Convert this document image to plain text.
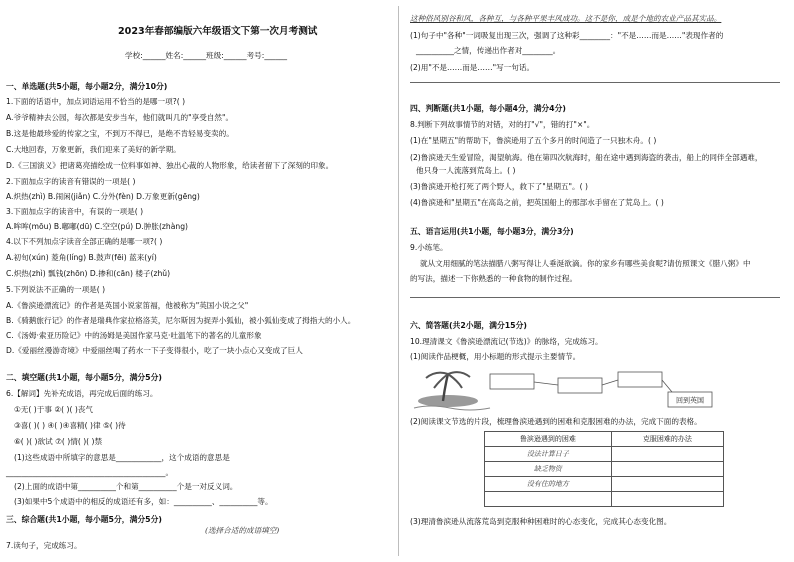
2023年春部编版六年级语文下第一次月考测试
学校:______姓名:______班级:______考号:______
一、单选题(共5小题，每小题2分，满分10分)
1.下面的话语中，加点词语运用不恰当的是哪一项?( )
A.爷爷精神去公园，每次都是安步当车，他们就叫几的"享受自然"。
B.这是他最珍爱的传家之宝，不到万不得已，是绝不肯轻易变卖的。
C.大地回春，万象更新，我们迎来了美好的新学期。
D.《三国演义》把诸葛亮描绘成一位料事如神、独出心裁的人物形象，给读者留下了深刻的印象。
2.下面加点字的读音有错误的一项是( )
A.炽热(zhì) B.闹闲(jiǎn) C.分外(fèn) D.万象更新(gēng)
3.下面加点字的读音中，有误的一项是( )
A.哞哞(mōu) B.嘟嘟(dū) C.空空(pú) D.肿胀(zhàng)
4.以下不列加点字读音全部正确的是哪一项?( )
A.初旬(xún) 菱角(líng) B.鼓声(fēi) 蓝来(yí)
C.炽热(zhì) 瓢钱(zhōn) D.掺和(cān) 楼子(zhǔ)
5.下列说法不正确的一项是( )
A.《鲁滨逊漂流记》的作者是英国小说家笛福，他被称为"英国小说之父"
B.《骑鹅旅行记》的作者是瑞典作家拉格洛芙，尼尔斯因为捉弄小狐仙，被小狐仙变成了拇指大的小人。
C.《汤姆·索亚历险记》中的汤姆是美国作家马克·吐温笔下的著名的儿童形象
D.《爱丽丝漫游奇境》中爱丽丝喝了药水一下子变得很小，吃了一块小点心又变成了巨人
二、填空题(共1小题，每小题5分，满分5分)
6.【解词】先补充成语，再完成后面的练习。
①无( )于事 ②( )( )丧气
③喜( )( ) ④( )④喜精( )律 ⑤( )待
⑥( )( )欲试 ⑦( )情( )( )禁
(1)这些成语中所填字的意思是____________，这个成语的意思是
__________________________________________。
(2)上面的成语中第__________个和第__________个是一对反义词。
(3)如果中5个成语中的相反的成语还有多，如：__________、__________等。
三、综合题(共1小题，每小题5分，满分5分)
7.读句子，完成练习。
(选择合适的成语填空)
这种俗风别谷和风，各种互，与各种平果丰风成功。这不是你，成是个地的农业产品其实品。
(1)句子中"各种"一词吸复出现三次，强调了这种彩________："不是……而是……"表现作者的
__________之情，传递出作者对________。
(2)用"不是……而是……"写一句话。
四、判断题(共1小题，每小题4分，满分4分)
8.判断下列故事情节的对错，对的打"√"，错的打"×"。
(1)在"星期五"的帮助下，鲁滨逊用了五个多月的时间造了一只独木舟。( )
(2)鲁滨逊天生爱冒险，渴望航海。他在第四次航海时，船在途中遇到海盗的袭击，船上的同伴全部遇难，
他只身一人流落到荒岛上。( )
(3)鲁滨逊开枪打死了两个野人，救下了"星期五"。( )
(4)鲁滨逊和"星期五"在高岛之前，把英国船上的那部水手留在了荒岛上。( )
五、语言运用(共1小题，每小题3分，满分3分)
9.小练笔。
就从文用细腻的笔法描腊八粥写得让人垂涎欲滴。你的家乡有哪些美食呢?请仿照课文《腊八粥》中
的写法，描述一下你熟悉的一种食物的制作过程。
六、简答题(共2小题，满分15分)
10.理清课文《鲁滨逊漂流记(节选)》的脉络，完成练习。
(1)阅读作品梗概，用小标题的形式提示主要情节。
回到英国
(2)阅读课文节选的片段，梳理鲁滨逊遇到的困难和克服困难的办法，完成下面的表格。
鲁滨逊遇到的困难	克服困难的办法
没法计算日子	
缺乏物资	
没有住的地方	

(3)理清鲁滨逊从流落荒岛到克服种种困难时的心态变化，完成其心态变化图。
